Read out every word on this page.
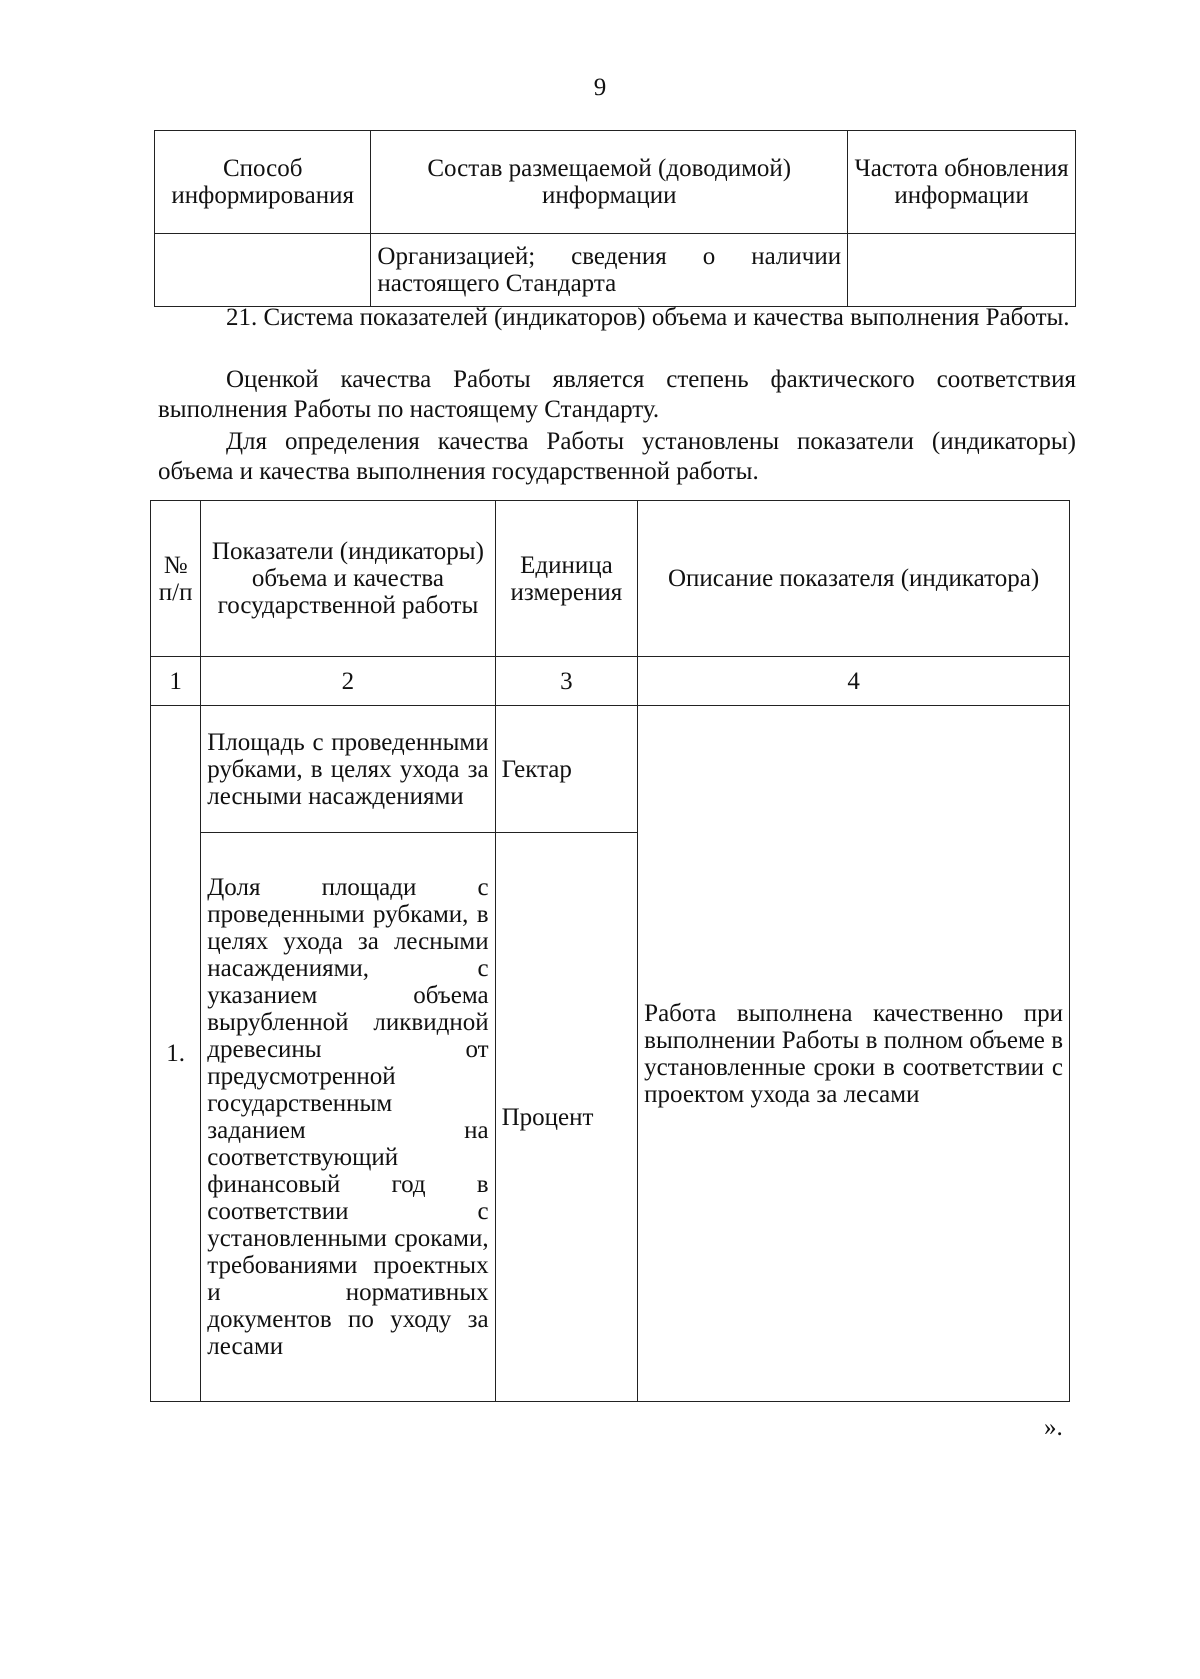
9
Способ информирования	Состав размещаемой (доводимой) информации	Частота обновления информации
	Организацией; сведения о наличии настоящего Стандарта	
21. Система показателей (индикаторов) объема и качества выполнения Работы.
Оценкой качества Работы является степень фактического соответствия выполнения Работы по настоящему Стандарту.
Для определения качества Работы установлены показатели (индикаторы) объема и качества выполнения государственной работы.
№ п/п	Показатели (индикаторы) объема и качества государственной работы	Единица измерения	Описание показателя (индикатора)
1	2	3	4
1.	Площадь с проведенными рубками, в целях ухода за лесными насаждениями	Гектар	Работа выполнена качественно при выполнении Работы в полном объеме в установленные сроки в соответствии с проектом ухода за лесами

	Доля площади с проведенными рубками, в целях ухода за лесными насаждениями, с указанием объема вырубленной ликвидной древесины от предусмотренной государственным заданием на соответствующий финансовый год в соответствии с установленными сроками, требованиями проектных и нормативных документов по уходу за лесами	Процент	
».
